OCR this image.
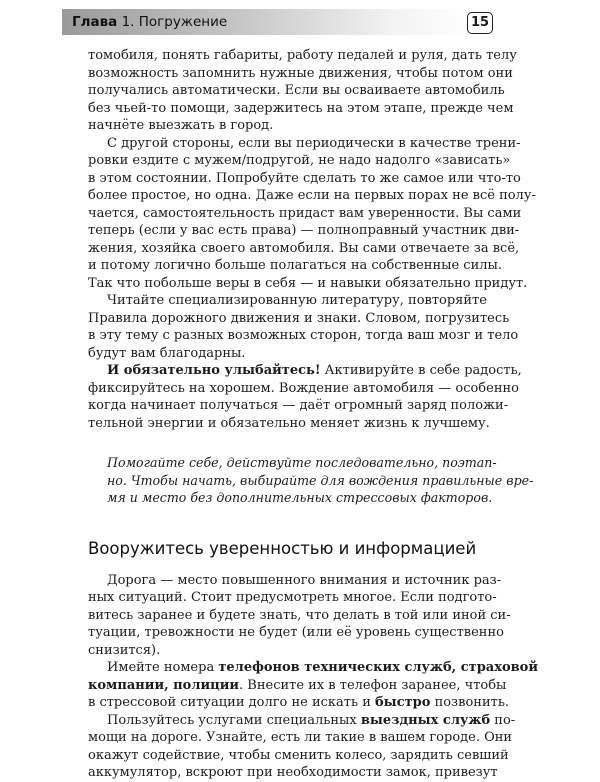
Глава 1. Погружение	15
томобиля, понять габариты, работу педалей и руля, дать телу
возможность запомнить нужные движения, чтобы потом они
получались автоматически. Если вы осваиваете автомобиль
без чьей-то помощи, задержитесь на этом этапе, прежде чем
начнёте выезжать в город.
С другой стороны, если вы периодически в качестве трени-
ровки ездите с мужем/подругой, не надо надолго «зависать»
в этом состоянии. Попробуйте сделать то же самое или что-то
более простое, но одна. Даже если на первых порах не всё полу-
чается, самостоятельность придаст вам уверенности. Вы сами
теперь (если у вас есть права) — полноправный участник дви-
жения, хозяйка своего автомобиля. Вы сами отвечаете за всё,
и потому логично больше полагаться на собственные силы.
Так что побольше веры в себя — и навыки обязательно придут.
Читайте специализированную литературу, повторяйте
Правила дорожного движения и знаки. Словом, погрузитесь
в эту тему с разных возможных сторон, тогда ваш мозг и тело
будут вам благодарны.
И обязательно улыбайтесь! Активируйте в себе радость,
фиксируйтесь на хорошем. Вождение автомобиля — особенно
когда начинает получаться — даёт огромный заряд положи-
тельной энергии и обязательно меняет жизнь к лучшему.
Помогайте себе, действуйте последовательно, поэтап-
но. Чтобы начать, выбирайте для вождения правильные вре-
мя и место без дополнительных стрессовых факторов.
Вооружитесь уверенностью и информацией
Дорога — место повышенного внимания и источник раз-
ных ситуаций. Стоит предусмотреть многое. Если подгото-
витесь заранее и будете знать, что делать в той или иной си-
туации, тревожности не будет (или её уровень существенно
снизится).
Имейте номера телефонов технических служб, страховой
компании, полиции. Внесите их в телефон заранее, чтобы
в стрессовой ситуации долго не искать и быстро позвонить.
Пользуйтесь услугами специальных выездных служб по-
мощи на дороге. Узнайте, есть ли такие в вашем городе. Они
окажут содействие, чтобы сменить колесо, зарядить севший
аккумулятор, вскроют при необходимости замок, привезут
